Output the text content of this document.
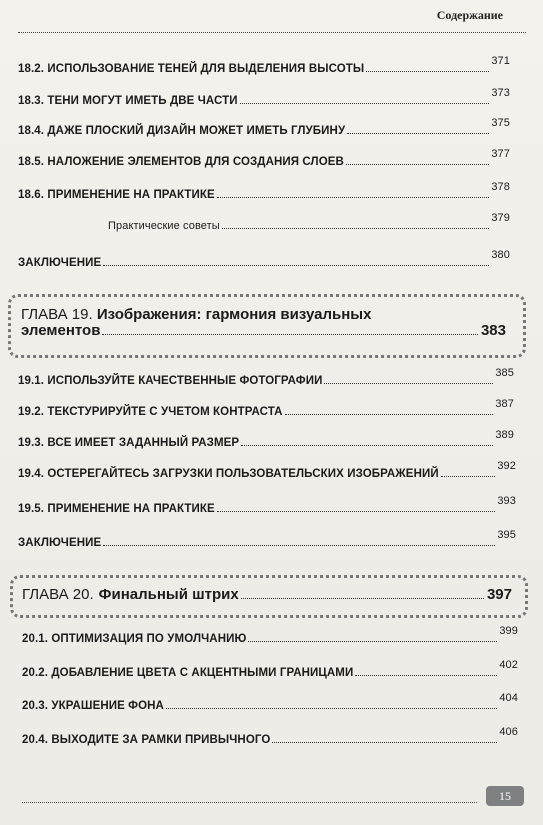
Содержание
18.2. ИСПОЛЬЗОВАНИЕ ТЕНЕЙ ДЛЯ ВЫДЕЛЕНИЯ ВЫСОТЫ
371
18.3. ТЕНИ МОГУТ ИМЕТЬ ДВЕ ЧАСТИ
373
18.4. ДАЖЕ ПЛОСКИЙ ДИЗАЙН МОЖЕТ ИМЕТЬ ГЛУБИНУ
375
18.5. НАЛОЖЕНИЕ ЭЛЕМЕНТОВ ДЛЯ СОЗДАНИЯ СЛОЕВ
377
18.6. ПРИМЕНЕНИЕ НА ПРАКТИКЕ
378
Практические советы
379
ЗАКЛЮЧЕНИЕ
380
ГЛАВА 19. Изображения: гармония визуальных
элементов	383
19.1. ИСПОЛЬЗУЙТЕ КАЧЕСТВЕННЫЕ ФОТОГРАФИИ
385
19.2. ТЕКСТУРИРУЙТЕ С УЧЕТОМ КОНТРАСТА
387
19.3. ВСЕ ИМЕЕТ ЗАДАННЫЙ РАЗМЕР
389
19.4. ОСТЕРЕГАЙТЕСЬ ЗАГРУЗКИ ПОЛЬЗОВАТЕЛЬСКИХ ИЗОБРАЖЕНИЙ
392
19.5. ПРИМЕНЕНИЕ НА ПРАКТИКЕ
393
ЗАКЛЮЧЕНИЕ
395
ГЛАВА 20. Финальный штрих	397
20.1. ОПТИМИЗАЦИЯ ПО УМОЛЧАНИЮ
399
20.2. ДОБАВЛЕНИЕ ЦВЕТА С АКЦЕНТНЫМИ ГРАНИЦАМИ
402
20.3. УКРАШЕНИЕ ФОНА
404
20.4. ВЫХОДИТЕ ЗА РАМКИ ПРИВЫЧНОГО
406
15
